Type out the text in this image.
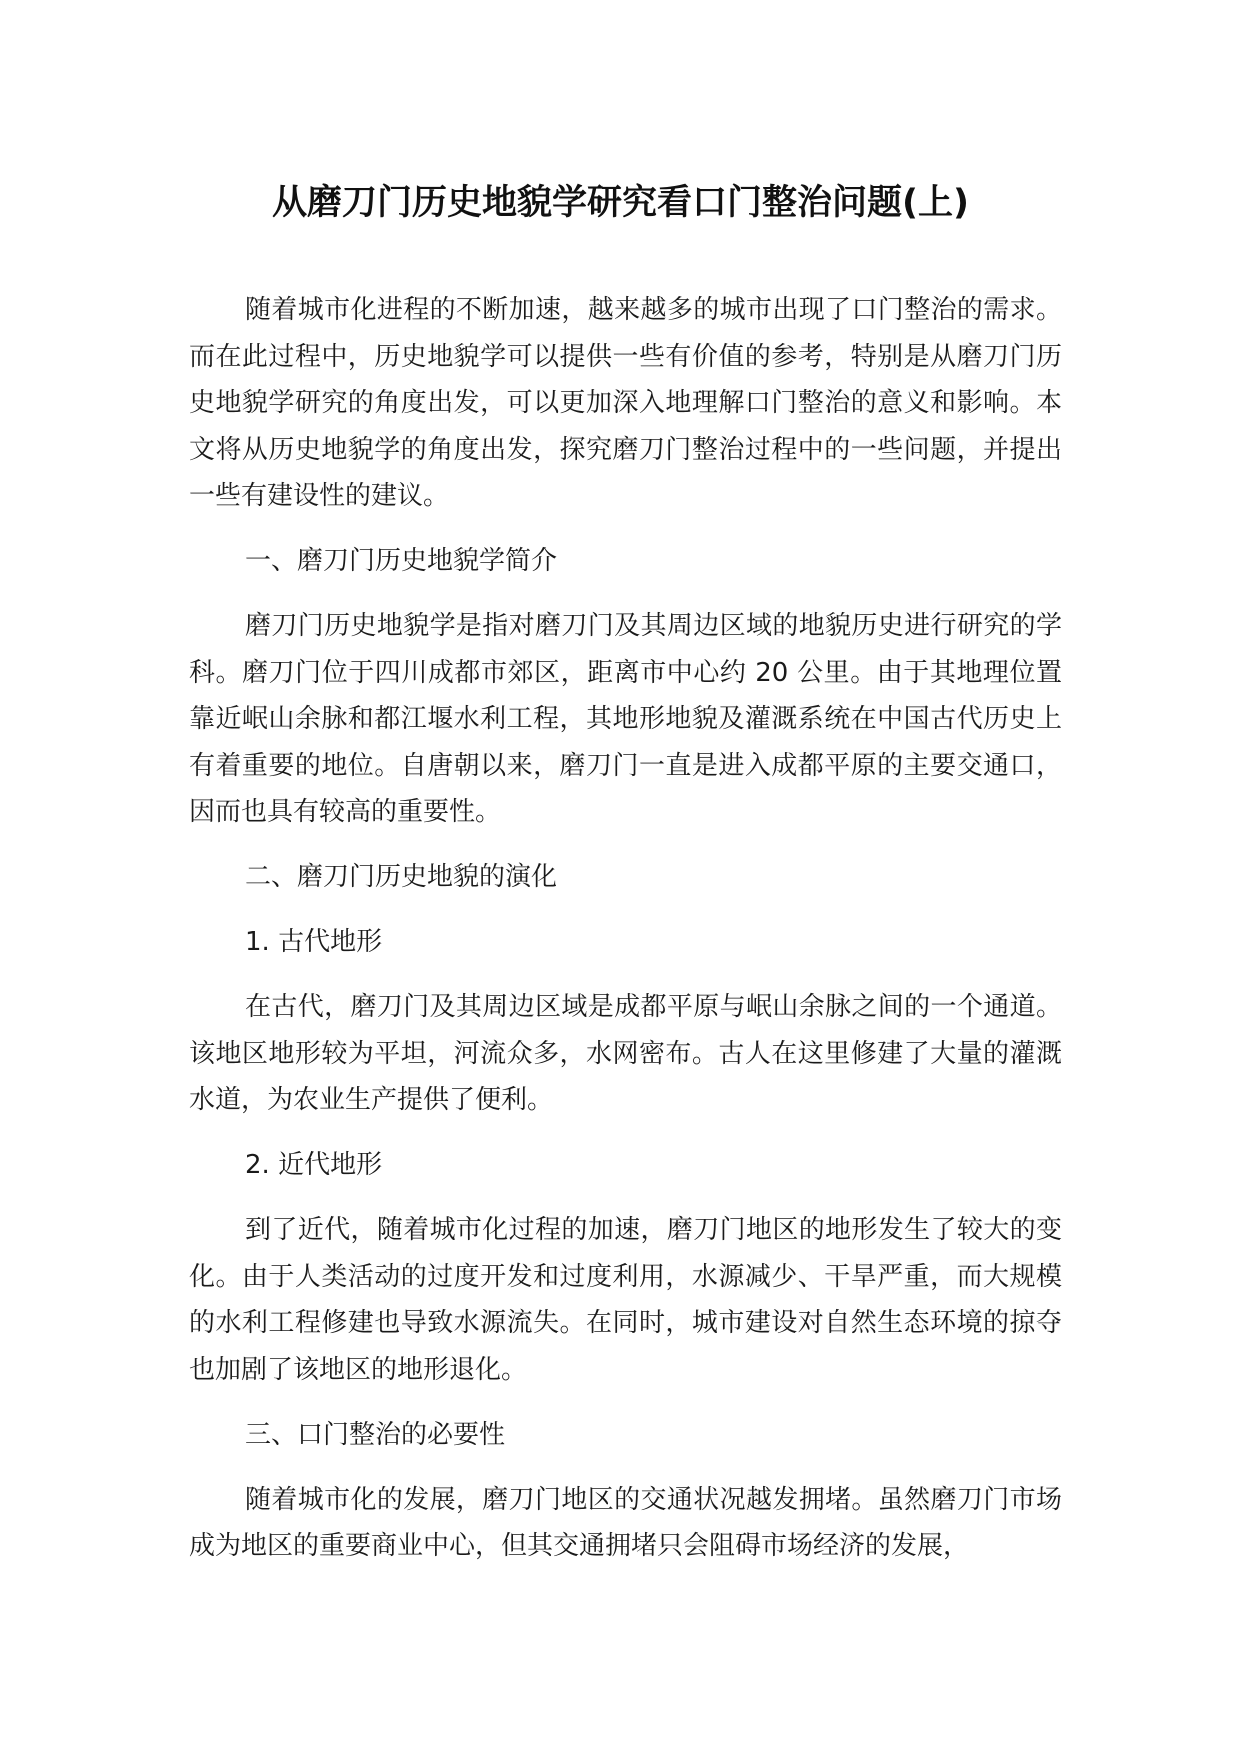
从磨刀门历史地貌学研究看口门整治问题(上)

随着城市化进程的不断加速，越来越多的城市出现了口门整治的需求。而在此过程中，历史地貌学可以提供一些有价值的参考，特别是从磨刀门历史地貌学研究的角度出发，可以更加深入地理解口门整治的意义和影响。本文将从历史地貌学的角度出发，探究磨刀门整治过程中的一些问题，并提出一些有建设性的建议。

一、磨刀门历史地貌学简介

磨刀门历史地貌学是指对磨刀门及其周边区域的地貌历史进行研究的学科。磨刀门位于四川成都市郊区，距离市中心约 20 公里。由于其地理位置靠近岷山余脉和都江堰水利工程，其地形地貌及灌溉系统在中国古代历史上有着重要的地位。自唐朝以来，磨刀门一直是进入成都平原的主要交通口，因而也具有较高的重要性。

二、磨刀门历史地貌的演化

1. 古代地形

在古代，磨刀门及其周边区域是成都平原与岷山余脉之间的一个通道。该地区地形较为平坦，河流众多，水网密布。古人在这里修建了大量的灌溉水道，为农业生产提供了便利。

2. 近代地形

到了近代，随着城市化过程的加速，磨刀门地区的地形发生了较大的变化。由于人类活动的过度开发和过度利用，水源减少、干旱严重，而大规模的水利工程修建也导致水源流失。在同时，城市建设对自然生态环境的掠夺也加剧了该地区的地形退化。

三、口门整治的必要性

随着城市化的发展，磨刀门地区的交通状况越发拥堵。虽然磨刀门市场成为地区的重要商业中心，但其交通拥堵只会阻碍市场经济的发展，
